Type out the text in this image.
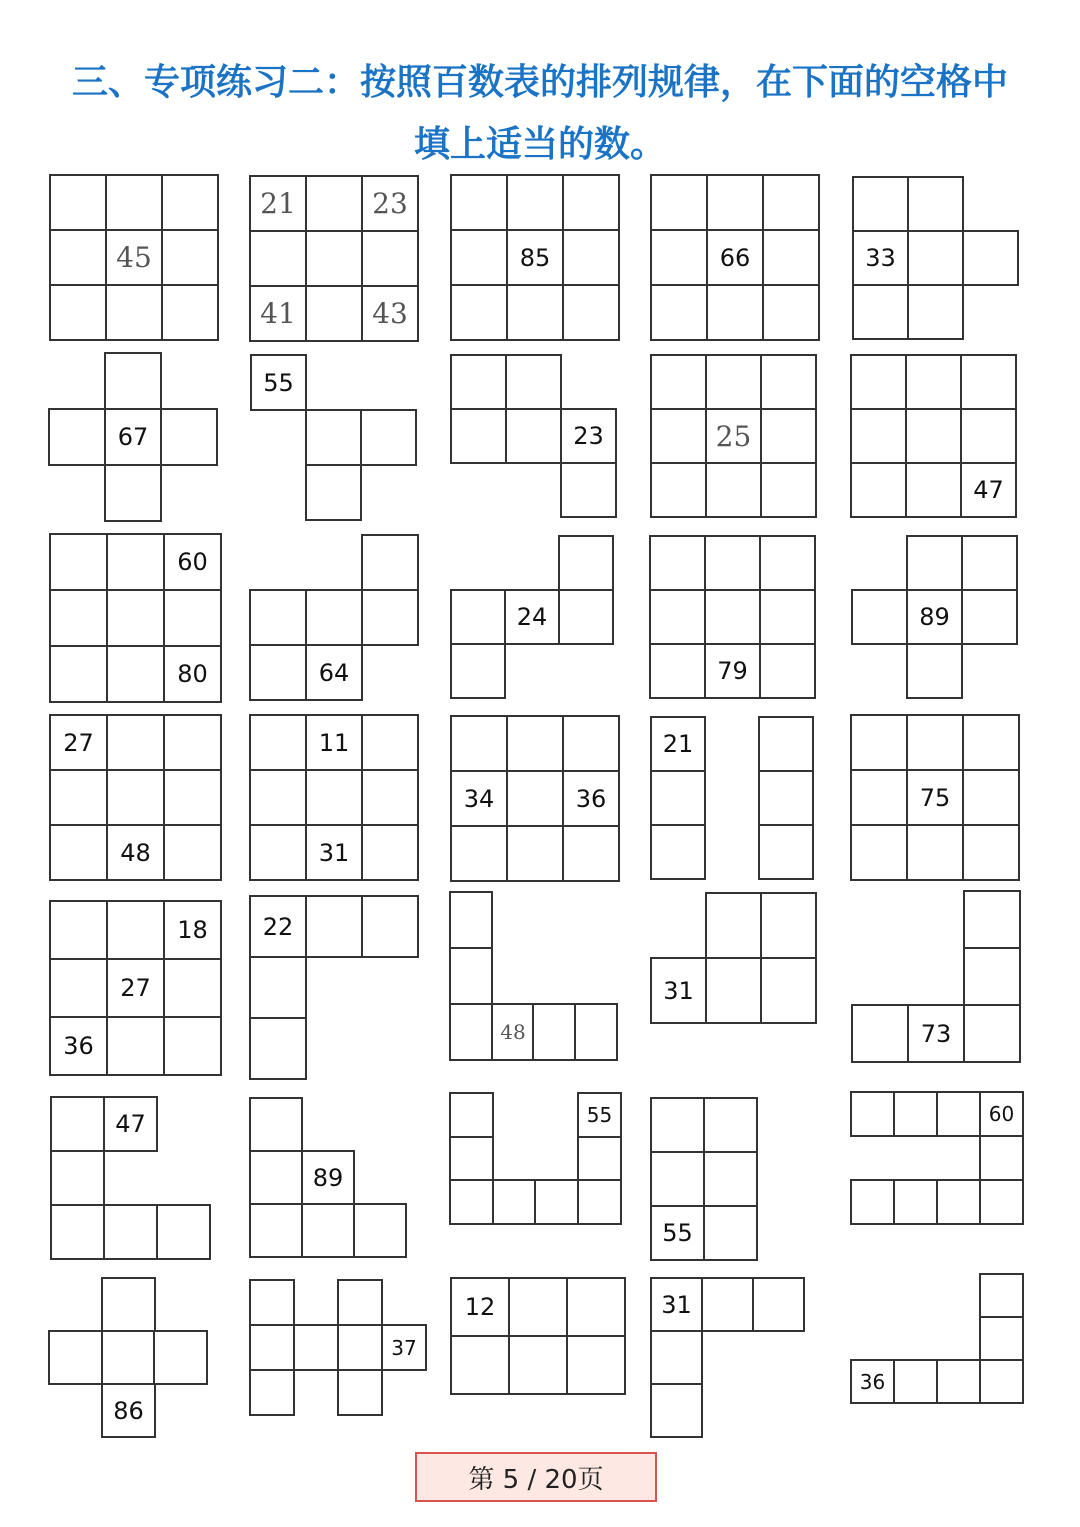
三、专项练习二：按照百数表的排列规律，在下面的空格中
填上适当的数。
45
21	23
41	43
85	66	33
67
55
23	25
47
60
80	64
24
79
89
27
48
11
31
34	36
21
75
18
27
36
22
48
31
73
47
89
55
55
60
86
37
12	31
36
第 5 / 20页
